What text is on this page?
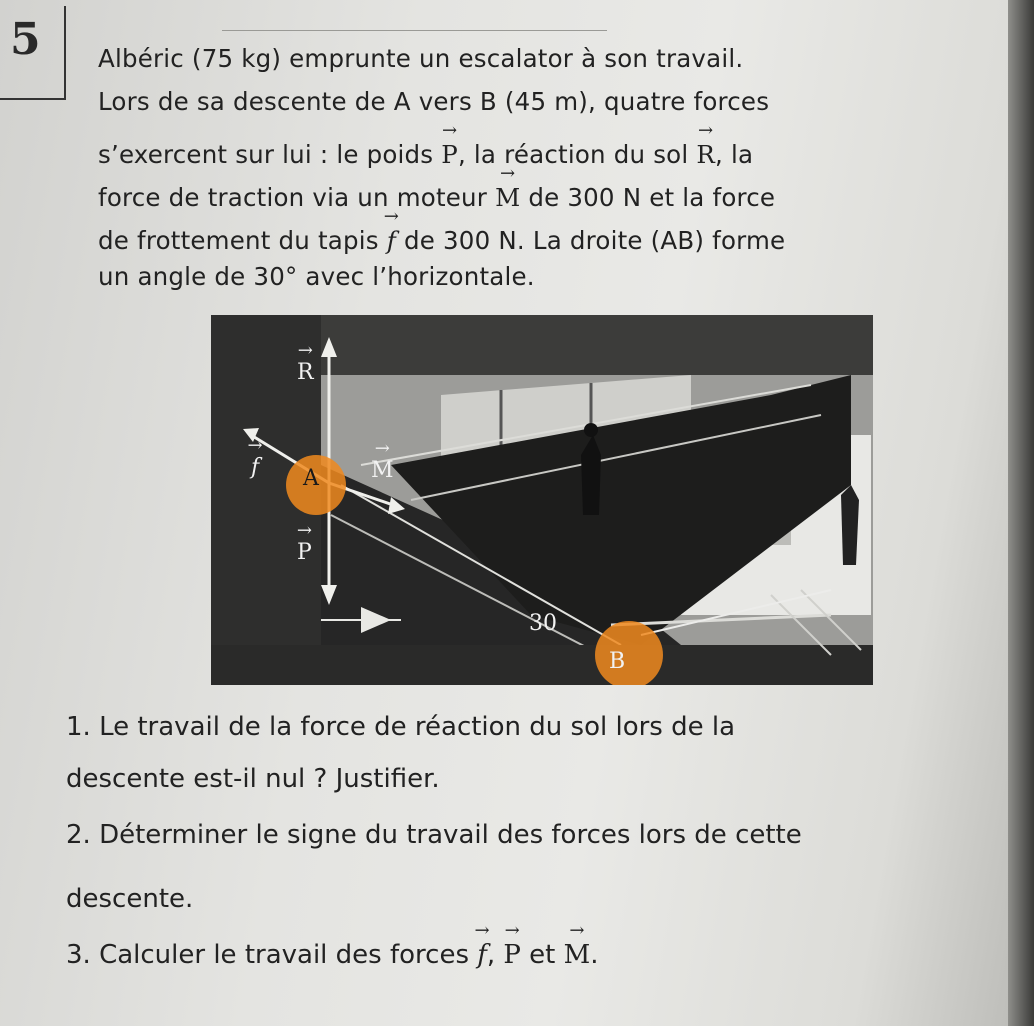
5 Albéric (75 kg) emprunte un escalator à son travail.
Lors de sa descente de A vers B (45 m), quatre forces
s’exercent sur lui : le poids → P, la réaction du sol → R, la
force de traction via un moteur → M de 300 N et la force
de frottement du tapis → f de 300 N. La droite (AB) forme
un angle de 30° avec l’horizontale.
→ R
→ f A
→ M
→ P
30
B
1. Le travail de la force de réaction du sol lors de la
descente est-il nul ? Justifier.
2. Déterminer le signe du travail des forces lors de cette
descente.
3. Calculer le travail des forces → f, → P et → M.
